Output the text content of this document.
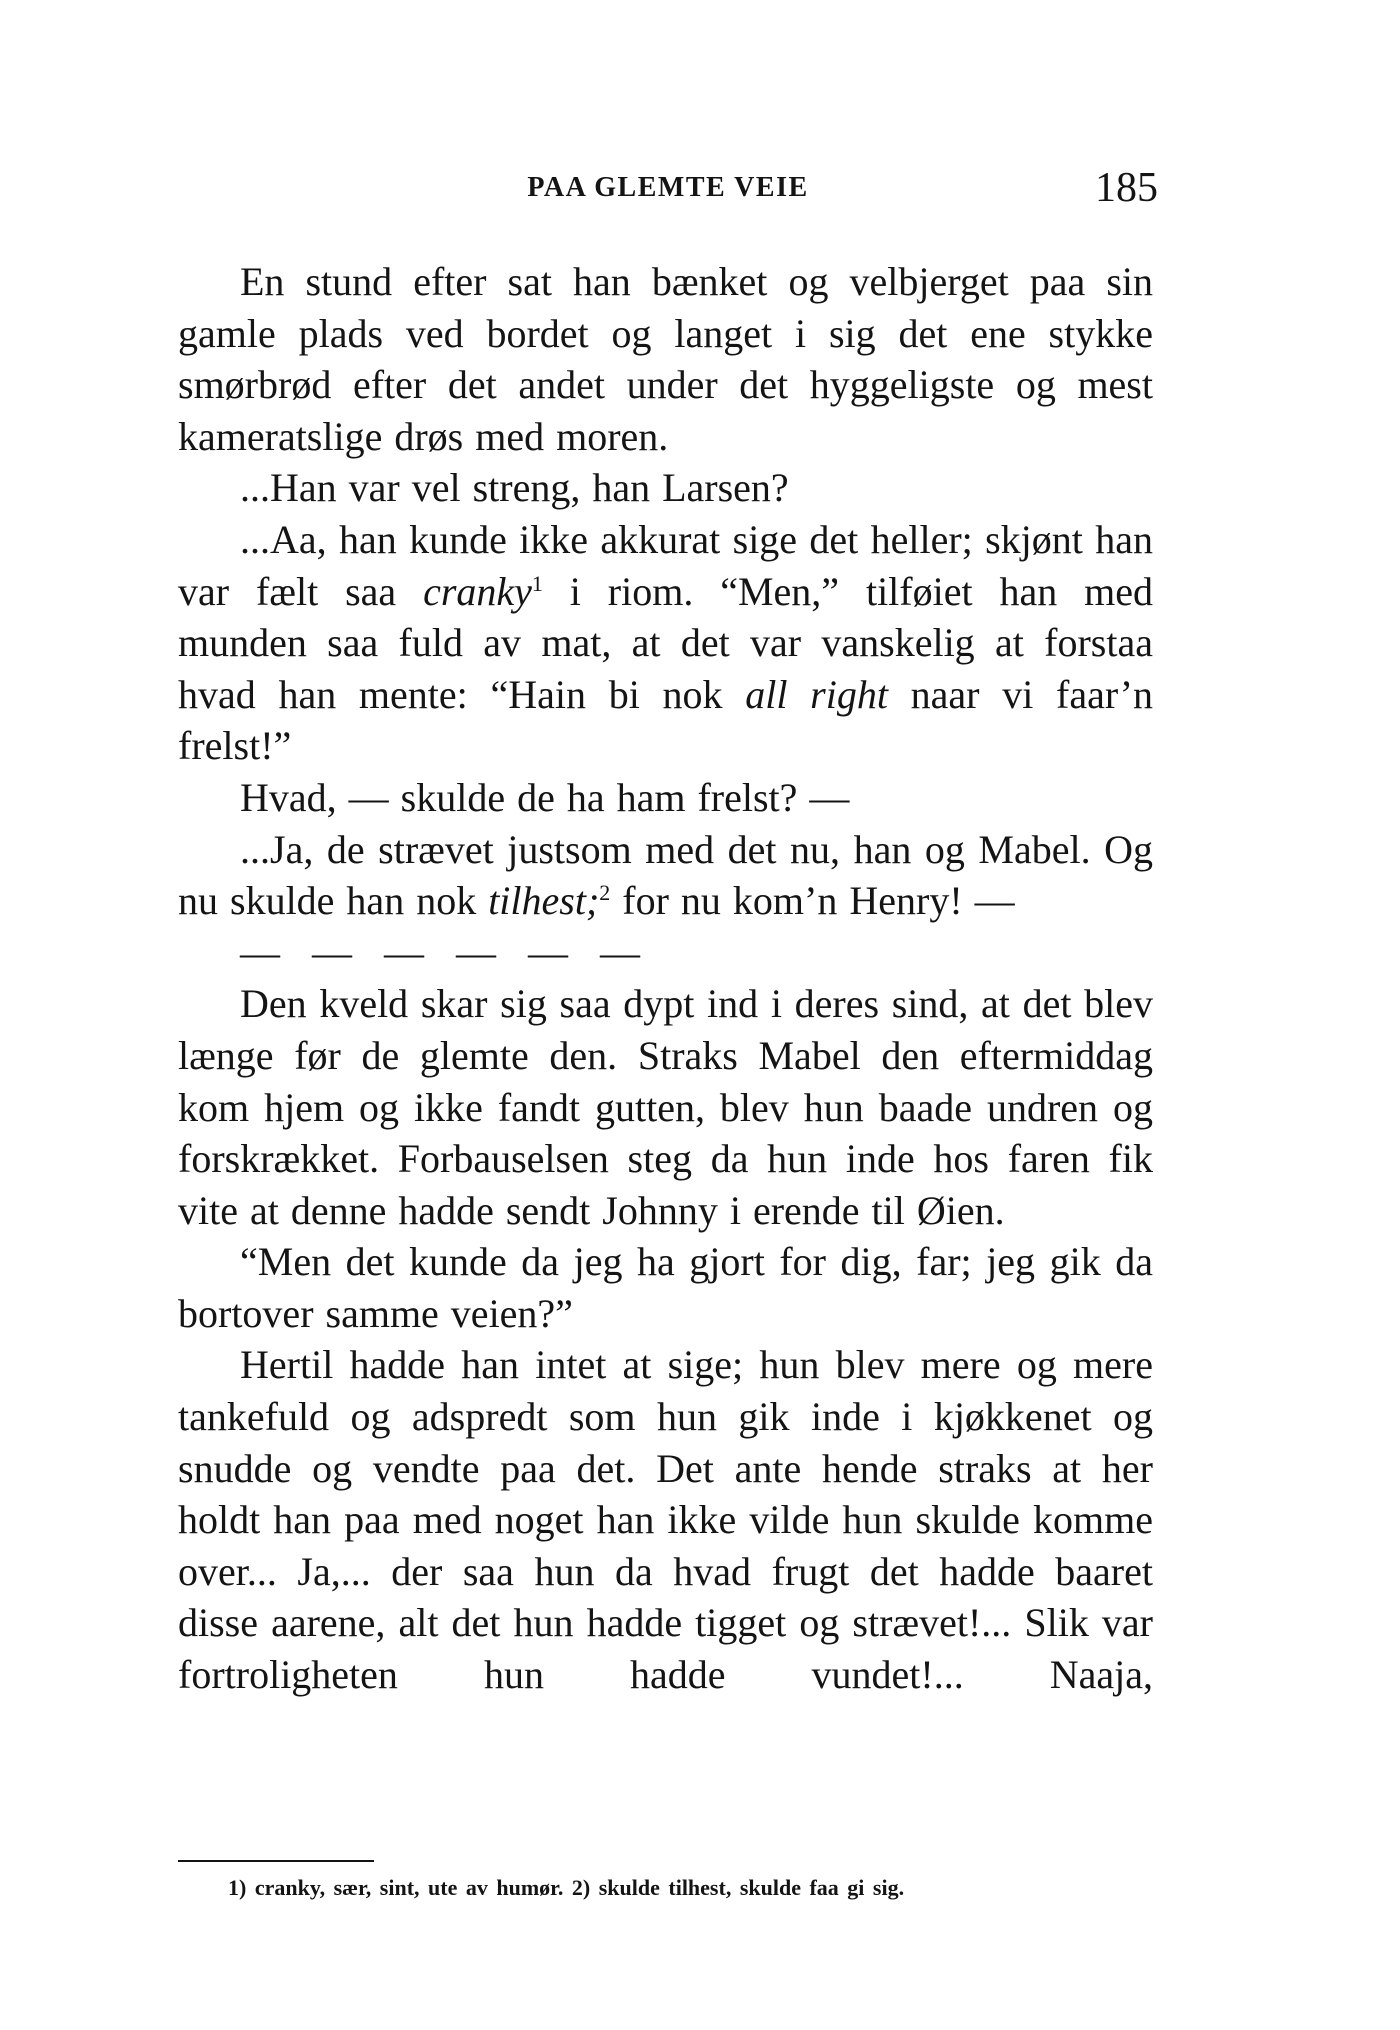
PAA GLEMTE VEIE	185

En stund efter sat han bænket og velbjerget paa sin gamle plads ved bordet og langet i sig det ene stykke smørbrød efter det andet under det hyggeligste og mest kameratslige drøs med moren.

...Han var vel streng, han Larsen?

...Aa, han kunde ikke akkurat sige det heller; skjønt han var fælt saa cranky$^1$ i riom. “Men,” tilføiet han med munden saa fuld av mat, at det var vanskelig at forstaa hvad han mente: “Hain bi nok all right naar vi faar’n frelst!”

Hvad, — skulde de ha ham frelst? —

...Ja, de strævet justsom med det nu, han og Mabel. Og nu skulde han nok tilhest;$^2$ for nu kom’n Henry! —

— — — — — —

Den kveld skar sig saa dypt ind i deres sind, at det blev længe før de glemte den. Straks Mabel den eftermiddag kom hjem og ikke fandt gutten, blev hun baade undren og forskrækket. Forbauselsen steg da hun inde hos faren fik vite at denne hadde sendt Johnny i erende til Øien.

“Men det kunde da jeg ha gjort for dig, far; jeg gik da bortover samme veien?”

Hertil hadde han intet at sige; hun blev mere og mere tankefuld og adspredt som hun gik inde i kjøkkenet og snudde og vendte paa det. Det ante hende straks at her holdt han paa med noget han ikke vilde hun skulde komme over... Ja,... der saa hun da hvad frugt det hadde baaret disse aarene, alt det hun hadde tigget og strævet!... Slik var fortroligheten hun hadde vundet!... Naaja,

1) cranky, sær, sint, ute av humør. 2) skulde tilhest, skulde faa gi sig.
